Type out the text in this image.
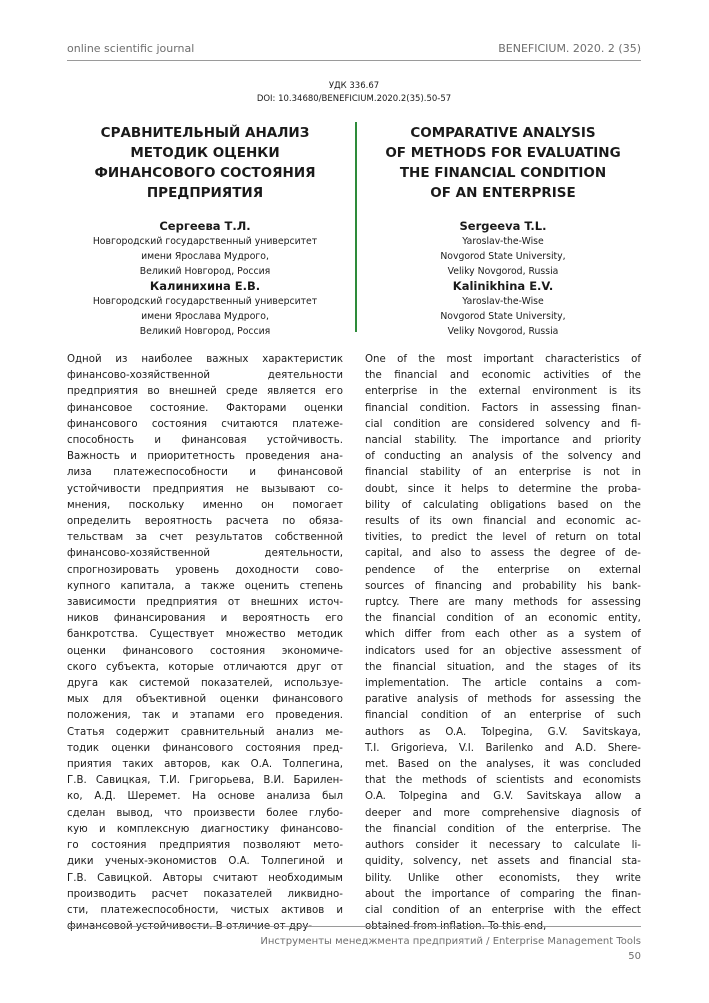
online scientific journal	BENEFICIUM. 2020. 2 (35)
УДК 336.67
DOI: 10.34680/BENEFICIUM.2020.2(35).50-57
СРАВНИТЕЛЬНЫЙ АНАЛИЗ
МЕТОДИК ОЦЕНКИ
ФИНАНСОВОГО СОСТОЯНИЯ
ПРЕДПРИЯТИЯ
COMPARATIVE ANALYSIS
OF METHODS FOR EVALUATING
THE FINANCIAL CONDITION
OF AN ENTERPRISE
Сергеева Т.Л.
Новгородский государственный университет
имени Ярослава Мудрого,
Великий Новгород, Россия
Калинихина Е.В.
Новгородский государственный университет
имени Ярослава Мудрого,
Великий Новгород, Россия
Sergeeva T.L.
Yaroslav-the-Wise
Novgorod State University,
Veliky Novgorod, Russia
Kalinikhina E.V.
Yaroslav-the-Wise
Novgorod State University,
Veliky Novgorod, Russia
Одной из наиболее важных характеристик
финансово-хозяйственной	деятельности
предприятия во внешней среде является его
финансовое состояние. Факторами оценки
финансового состояния считаются платеже-
способность и финансовая устойчивость.
Важность и приоритетность проведения ана-
лиза платежеспособности и финансовой
устойчивости предприятия не вызывают со-
мнения, поскольку именно он помогает
определить вероятность расчета по обяза-
тельствам за счет результатов собственной
финансово-хозяйственной	деятельности,
спрогнозировать уровень доходности сово-
купного капитала, а также оценить степень
зависимости предприятия от внешних источ-
ников финансирования и вероятность его
банкротства. Существует множество методик
оценки финансового состояния экономиче-
ского субъекта, которые отличаются друг от
друга как системой показателей, используе-
мых для объективной оценки финансового
положения, так и этапами его проведения.
Статья содержит сравнительный анализ ме-
тодик оценки финансового состояния пред-
приятия таких авторов, как О.А. Толпегина,
Г.В. Савицкая, Т.И. Григорьева, В.И. Барилен-
ко, А.Д. Шеремет. На основе анализа был
сделан вывод, что произвести более глубо-
кую и комплексную диагностику финансово-
го состояния предприятия позволяют мето-
дики ученых-экономистов О.А. Толпегиной и
Г.В. Савицкой. Авторы считают необходимым
производить расчет показателей ликвидно-
сти, платежеспособности, чистых активов и
финансовой устойчивости. В отличие от дру-
One of the most important characteristics of
the financial and economic activities of the
enterprise in the external environment is its
financial condition. Factors in assessing finan-
cial condition are considered solvency and fi-
nancial stability. The importance and priority
of conducting an analysis of the solvency and
financial stability of an enterprise is not in
doubt, since it helps to determine the proba-
bility of calculating obligations based on the
results of its own financial and economic ac-
tivities, to predict the level of return on total
capital, and also to assess the degree of de-
pendence of the enterprise on external
sources of financing and probability his bank-
ruptcy. There are many methods for assessing
the financial condition of an economic entity,
which differ from each other as a system of
indicators used for an objective assessment of
the financial situation, and the stages of its
implementation. The article contains a com-
parative analysis of methods for assessing the
financial condition of an enterprise of such
authors as O.A. Tolpegina, G.V. Savitskaya,
T.I. Grigorieva, V.I. Barilenko and A.D. Shere-
met. Based on the analyses, it was concluded
that the methods of scientists and economists
O.A. Tolpegina and G.V. Savitskaya allow a
deeper and more comprehensive diagnosis of
the financial condition of the enterprise. The
authors consider it necessary to calculate li-
quidity, solvency, net assets and financial sta-
bility. Unlike other economists, they write
about the importance of comparing the finan-
cial condition of an enterprise with the effect
obtained from inflation. To this end,
Инструменты менеджмента предприятий / Enterprise Management Tools
50
